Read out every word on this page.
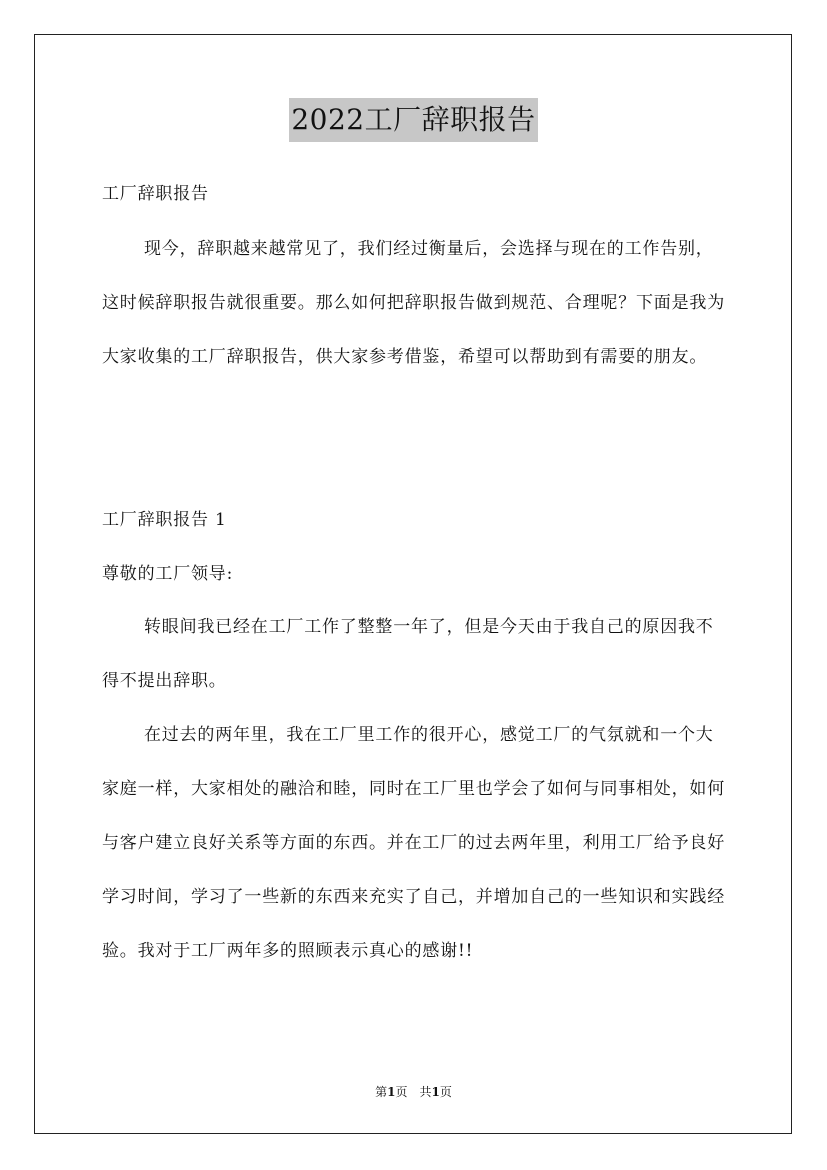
2022工厂辞职报告

工厂辞职报告

现今，辞职越来越常见了，我们经过衡量后，会选择与现在的工作告别，这时候辞职报告就很重要。那么如何把辞职报告做到规范、合理呢？下面是我为大家收集的工厂辞职报告，供大家参考借鉴，希望可以帮助到有需要的朋友。

工厂辞职报告 1

尊敬的工厂领导:

转眼间我已经在工厂工作了整整一年了，但是今天由于我自己的原因我不得不提出辞职。

在过去的两年里，我在工厂里工作的很开心，感觉工厂的气氛就和一个大家庭一样，大家相处的融洽和睦，同时在工厂里也学会了如何与同事相处，如何与客户建立良好关系等方面的东西。并在工厂的过去两年里，利用工厂给予良好学习时间，学习了一些新的东西来充实了自己，并增加自己的一些知识和实践经验。我对于工厂两年多的照顾表示真心的感谢!!

第1页 共1页
